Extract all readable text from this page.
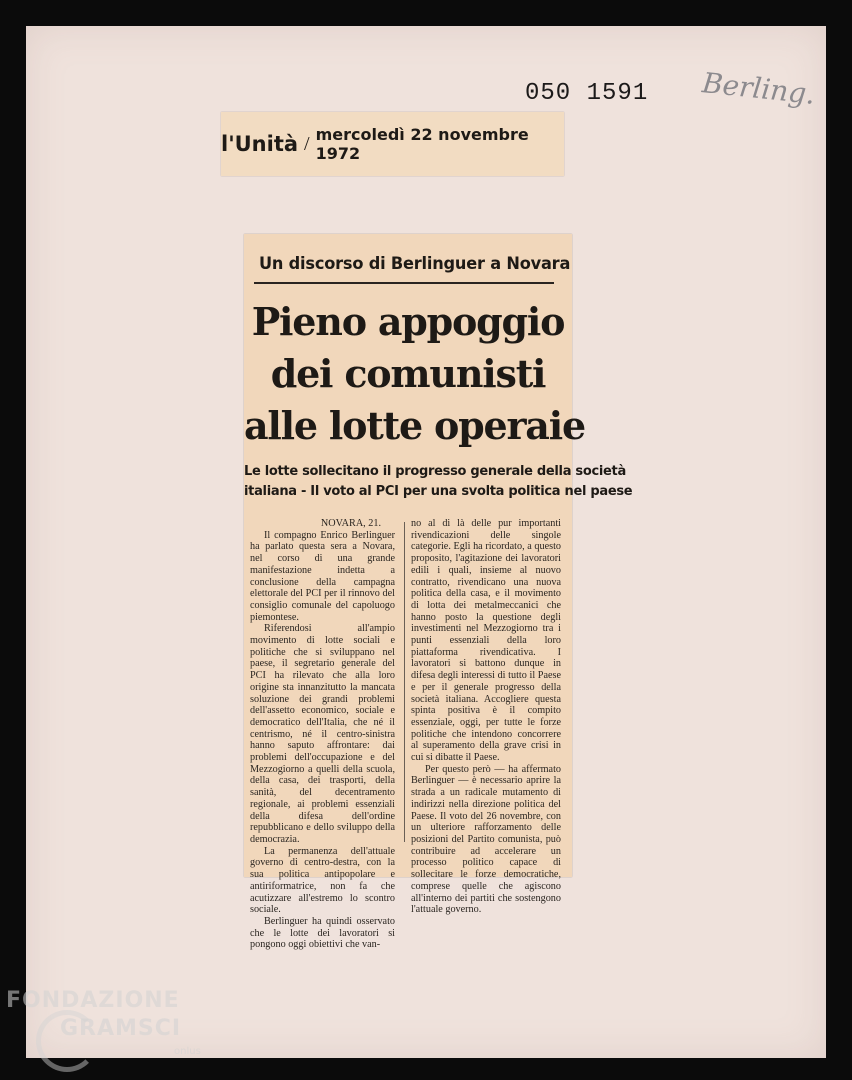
050 1591 Berling.

l'Unità / mercoledì 22 novembre 1972

Un discorso di Berlinguer a Novara

Pieno appoggio
dei comunisti
alle lotte operaie

Le lotte sollecitano il progresso generale della società
italiana - Il voto al PCI per una svolta politica nel paese

NOVARA, 21.

Il compagno Enrico Berlinguer ha parlato questa sera a Novara, nel corso di una grande manifestazione indetta a conclusione della campagna elettorale del PCI per il rinnovo del consiglio comunale del capoluogo piemontese.

Riferendosi all'ampio movimento di lotte sociali e politiche che si sviluppano nel paese, il segretario generale del PCI ha rilevato che alla loro origine sta innanzitutto la mancata soluzione dei grandi problemi dell'assetto economico, sociale e democratico dell'Italia, che né il centrismo, né il centro-sinistra hanno saputo affrontare: dai problemi dell'occupazione e del Mezzogiorno a quelli della scuola, della casa, dei trasporti, della sanità, del decentramento regionale, ai problemi essenziali della difesa dell'ordine repubblicano e dello sviluppo della democrazia.

La permanenza dell'attuale governo di centro-destra, con la sua politica antipopolare e antiriformatrice, non fa che acutizzare all'estremo lo scontro sociale.

Berlinguer ha quindi osservato che le lotte dei lavoratori si pongono oggi obiettivi che van-

no al di là delle pur importanti rivendicazioni delle singole categorie. Egli ha ricordato, a questo proposito, l'agitazione dei lavoratori edili i quali, insieme al nuovo contratto, rivendicano una nuova politica della casa, e il movimento di lotta dei metalmeccanici che hanno posto la questione degli investimenti nel Mezzogiorno tra i punti essenziali della loro piattaforma rivendicativa. I lavoratori si battono dunque in difesa degli interessi di tutto il Paese e per il generale progresso della società italiana. Accogliere questa spinta positiva è il compito essenziale, oggi, per tutte le forze politiche che intendono concorrere al superamento della grave crisi in cui si dibatte il Paese.

Per questo però — ha affermato Berlinguer — è necessario aprire la strada a un radicale mutamento di indirizzi nella direzione politica del Paese. Il voto del 26 novembre, con un ulteriore rafforzamento delle posizioni del Partito comunista, può contribuire ad accelerare un processo politico capace di sollecitare le forze democratiche, comprese quelle che agiscono all'interno dei partiti che sostengono l'attuale governo.

FONDAZIONE

GRAMSCI

onlus
